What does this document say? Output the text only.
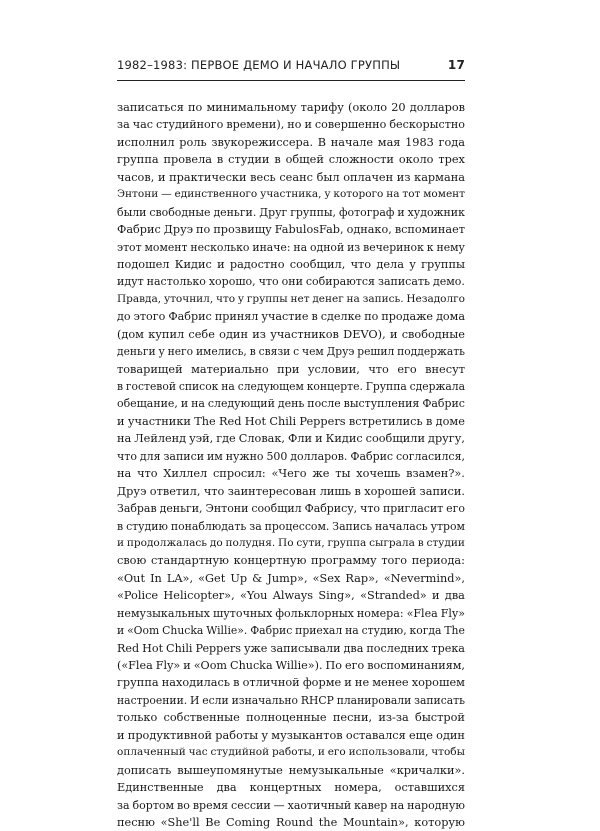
1982–1983: ПЕРВОЕ ДЕМО И НАЧАЛО ГРУППЫ	17
записаться по минимальному тарифу (около 20 долларов
за час студийного времени), но и совершенно бескорыстно
исполнил роль звукорежиссера. В начале мая 1983 года
группа провела в студии в общей сложности около трех
часов, и практически весь сеанс был оплачен из кармана
Энтони — единственного участника, у которого на тот момент
были свободные деньги. Друг группы, фотограф и художник
Фабрис Друэ по прозвищу FabulosFab, однако, вспоминает
этот момент несколько иначе: на одной из вечеринок к нему
подошел Кидис и радостно сообщил, что дела у группы
идут настолько хорошо, что они собираются записать демо.
Правда, уточнил, что у группы нет денег на запись. Незадолго
до этого Фабрис принял участие в сделке по продаже дома
(дом купил себе один из участников DEVO), и свободные
деньги у него имелись, в связи с чем Друэ решил поддержать
товарищей материально при условии, что его внесут
в гостевой список на следующем концерте. Группа сдержала
обещание, и на следующий день после выступления Фабрис
и участники The Red Hot Chili Peppers встретились в доме
на Лейленд уэй, где Словак, Фли и Кидис сообщили другу,
что для записи им нужно 500 долларов. Фабрис согласился,
на что Хиллел спросил: «Чего же ты хочешь взамен?».
Друэ ответил, что заинтересован лишь в хорошей записи.
Забрав деньги, Энтони сообщил Фабрису, что пригласит его
в студию понаблюдать за процессом. Запись началась утром
и продолжалась до полудня. По сути, группа сыграла в студии
свою стандартную концертную программу того периода:
«Out In LA», «Get Up & Jump», «Sex Rap», «Nevermind»,
«Police Helicopter», «You Always Sing», «Stranded» и два
немузыкальных шуточных фольклорных номера: «Flea Fly»
и «Oom Chucka Willie». Фабрис приехал на студию, когда The
Red Hot Chili Peppers уже записывали два последних трека
(«Flea Fly» и «Oom Chucka Willie»). По его воспоминаниям,
группа находилась в отличной форме и не менее хорошем
настроении. И если изначально RHCP планировали записать
только собственные полноценные песни, из-за быстрой
и продуктивной работы у музыкантов оставался еще один
оплаченный час студийной работы, и его использовали, чтобы
дописать вышеупомянутые немузыкальные «кричалки».
Единственные два концертных номера, оставшихся
за бортом во время сессии — хаотичный кавер на народную
песню «She'll Be Coming Round the Mountain», которую
